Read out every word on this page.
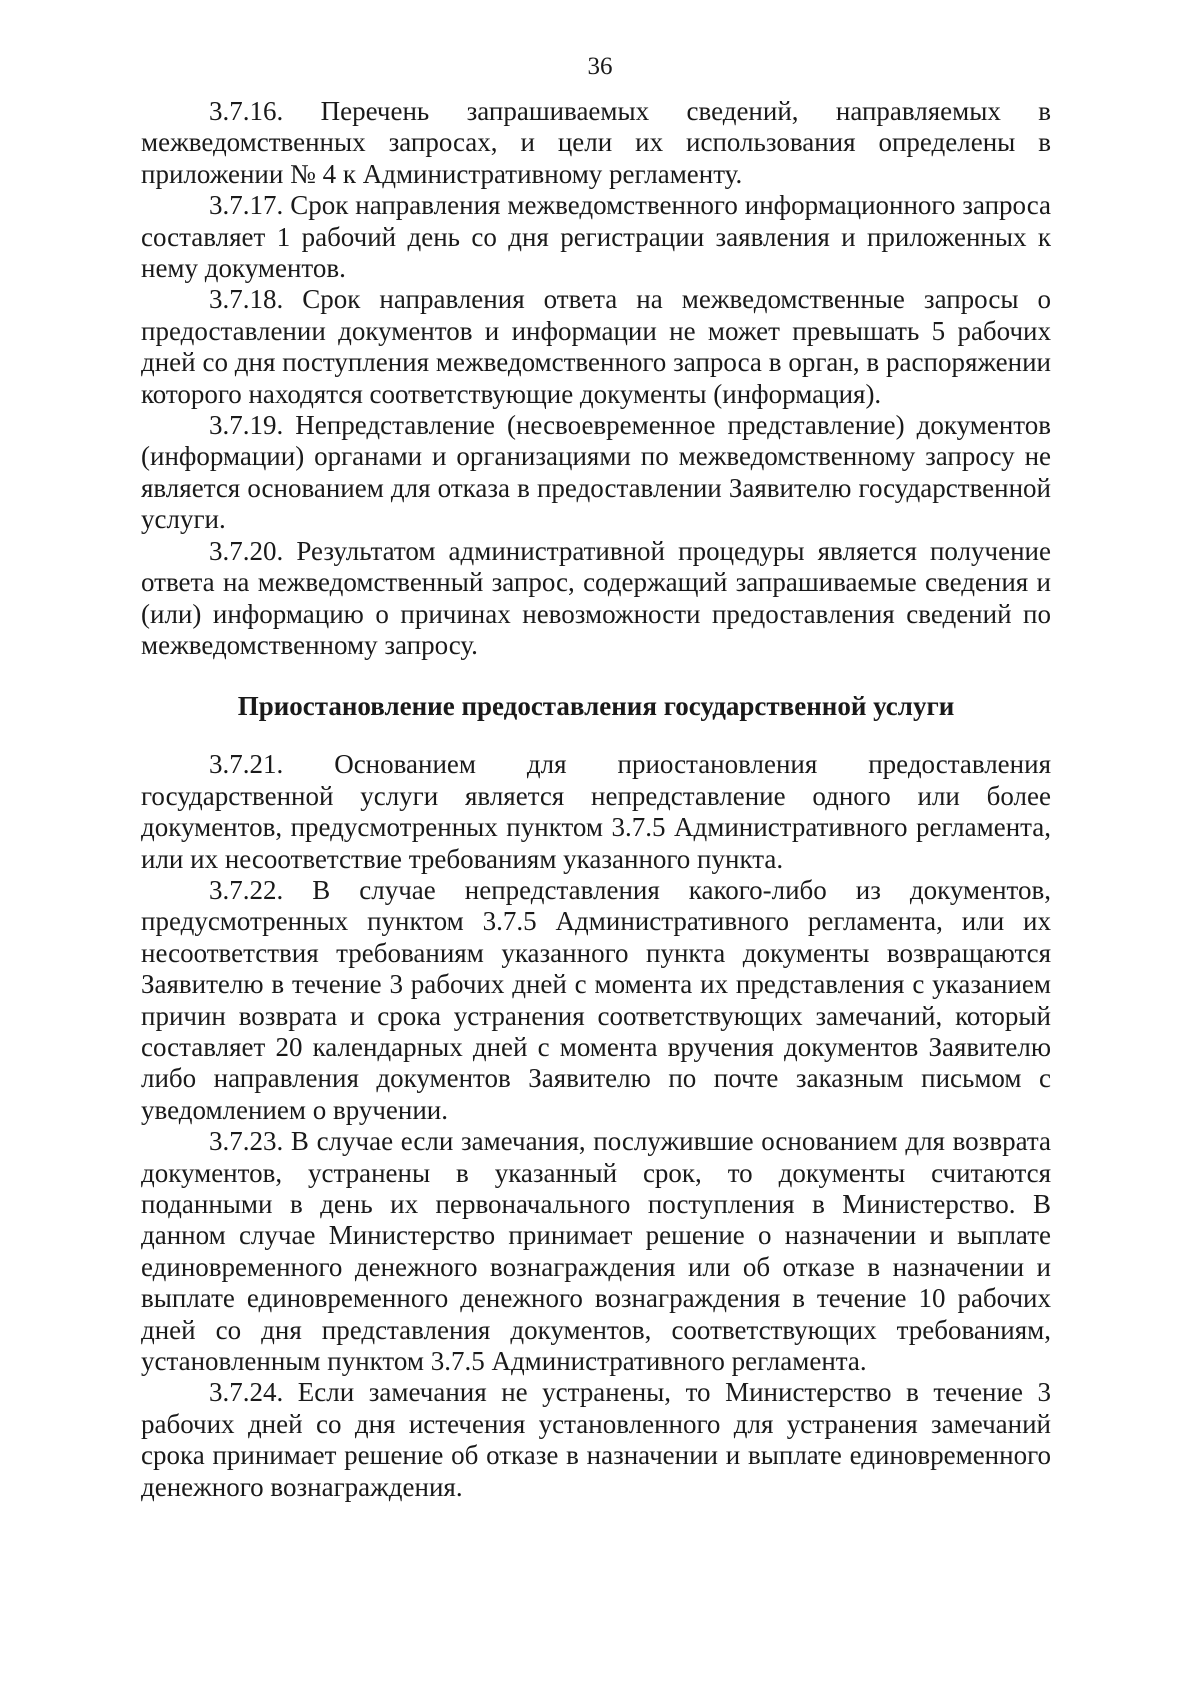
36

3.7.16. Перечень запрашиваемых сведений, направляемых в межведомственных запросах, и цели их использования определены в приложении № 4 к Административному регламенту.

3.7.17. Срок направления межведомственного информационного запроса составляет 1 рабочий день со дня регистрации заявления и приложенных к нему документов.

3.7.18. Срок направления ответа на межведомственные запросы о предоставлении документов и информации не может превышать 5 рабочих дней со дня поступления межведомственного запроса в орган, в распоряжении которого находятся соответствующие документы (информация).

3.7.19. Непредставление (несвоевременное представление) документов (информации) органами и организациями по межведомственному запросу не является основанием для отказа в предоставлении Заявителю государственной услуги.

3.7.20. Результатом административной процедуры является получение ответа на межведомственный запрос, содержащий запрашиваемые сведения и (или) информацию о причинах невозможности предоставления сведений по межведомственному запросу.

Приостановление предоставления государственной услуги

3.7.21. Основанием для приостановления предоставления государственной услуги является непредставление одного или более документов, предусмотренных пунктом 3.7.5 Административного регламента, или их несоответствие требованиям указанного пункта.

3.7.22. В случае непредставления какого-либо из документов, предусмотренных пунктом 3.7.5 Административного регламента, или их несоответствия требованиям указанного пункта документы возвращаются Заявителю в течение 3 рабочих дней с момента их представления с указанием причин возврата и срока устранения соответствующих замечаний, который составляет 20 календарных дней с момента вручения документов Заявителю либо направления документов Заявителю по почте заказным письмом с уведомлением о вручении.

3.7.23. В случае если замечания, послужившие основанием для возврата документов, устранены в указанный срок, то документы считаются поданными в день их первоначального поступления в Министерство. В данном случае Министерство принимает решение о назначении и выплате единовременного денежного вознаграждения или об отказе в назначении и выплате единовременного денежного вознаграждения в течение 10 рабочих дней со дня представления документов, соответствующих требованиям, установленным пунктом 3.7.5 Административного регламента.

3.7.24. Если замечания не устранены, то Министерство в течение 3 рабочих дней со дня истечения установленного для устранения замечаний срока принимает решение об отказе в назначении и выплате единовременного денежного вознаграждения.
